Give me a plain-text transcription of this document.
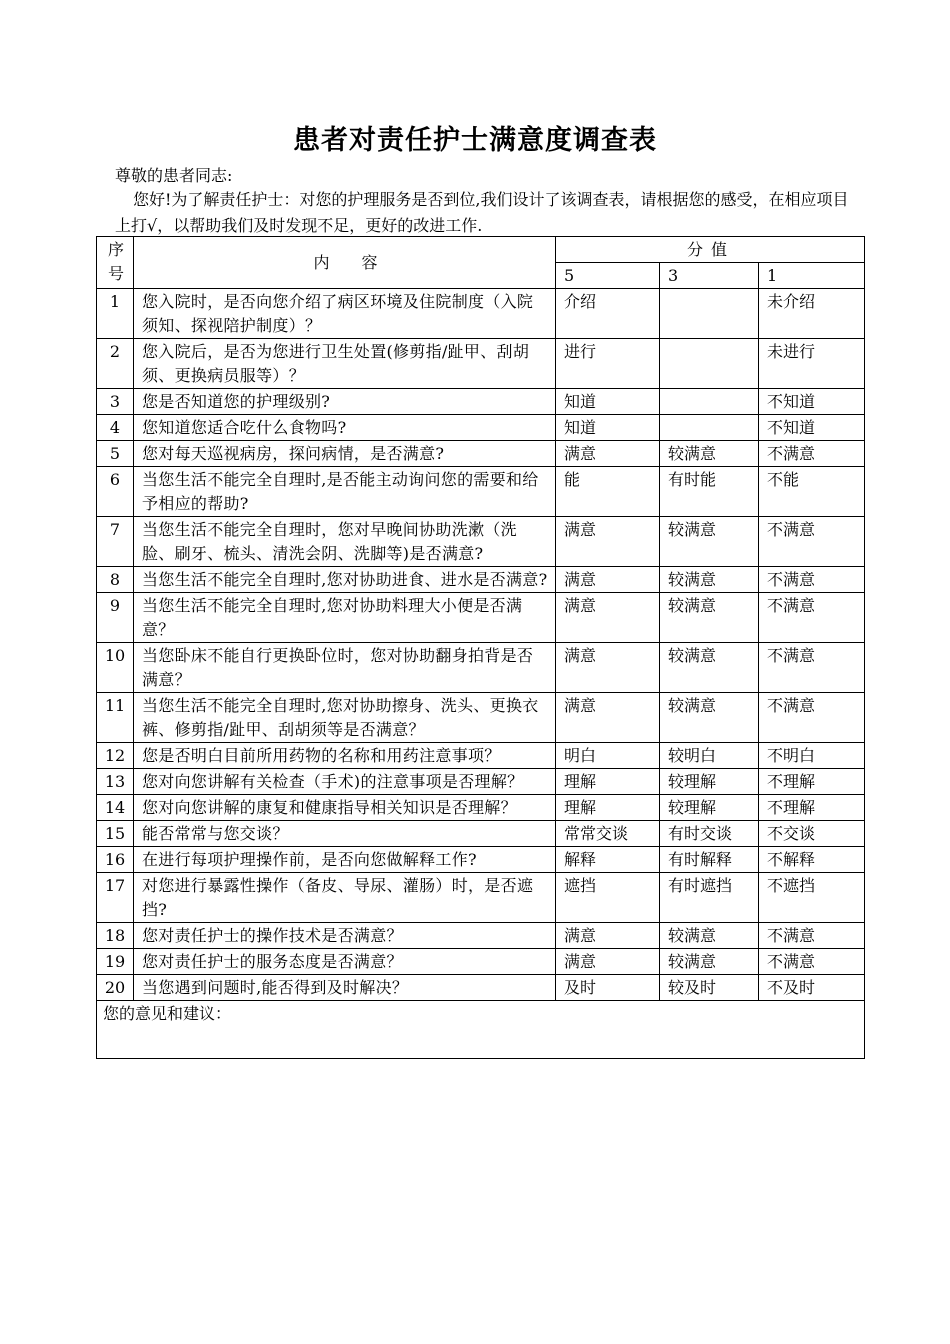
患者对责任护士满意度调查表
尊敬的患者同志:
您好!为了解责任护士：对您的护理服务是否到位,我们设计了该调查表，请根据您的感受，在相应项目上打√，以帮助我们及时发现不足，更好的改进工作.
序
号	内　　容	分值		
		5	3	1
1	您入院时，是否向您介绍了病区环境及住院制度（入院须知、探视陪护制度）？	介绍		未介绍
2	您入院后，是否为您进行卫生处置(修剪指/趾甲、刮胡须、更换病员服等）？	进行		未进行
3	您是否知道您的护理级别?	知道		不知道
4	您知道您适合吃什么食物吗?	知道		不知道
5	您对每天巡视病房，探问病情，是否满意?	满意	较满意	不满意
6	当您生活不能完全自理时,是否能主动询问您的需要和给予相应的帮助?	能	有时能	不能
7	当您生活不能完全自理时，您对早晚间协助洗漱（洗脸、刷牙、梳头、清洗会阴、洗脚等)是否满意?	满意	较满意	不满意
8	当您生活不能完全自理时,您对协助进食、进水是否满意?	满意	较满意	不满意
9	当您生活不能完全自理时,您对协助料理大小便是否满意？	满意	较满意	不满意
10	当您卧床不能自行更换卧位时，您对协助翻身拍背是否满意？	满意	较满意	不满意
11	当您生活不能完全自理时,您对协助擦身、洗头、更换衣裤、修剪指/趾甲、刮胡须等是否满意？	满意	较满意	不满意
12	您是否明白目前所用药物的名称和用药注意事项？	明白	较明白	不明白
13	您对向您讲解有关检查（手术)的注意事项是否理解？	理解	较理解	不理解
14	您对向您讲解的康复和健康指导相关知识是否理解？	理解	较理解	不理解
15	能否常常与您交谈？	常常交谈	有时交谈	不交谈
16	在进行每项护理操作前，是否向您做解释工作?	解释	有时解释	不解释
17	对您进行暴露性操作（备皮、导尿、灌肠）时，是否遮挡?	遮挡	有时遮挡	不遮挡
18	您对责任护士的操作技术是否满意？	满意	较满意	不满意
19	您对责任护士的服务态度是否满意？	满意	较满意	不满意
20	当您遇到问题时,能否得到及时解决？	及时	较及时	不及时
您的意见和建议：				
